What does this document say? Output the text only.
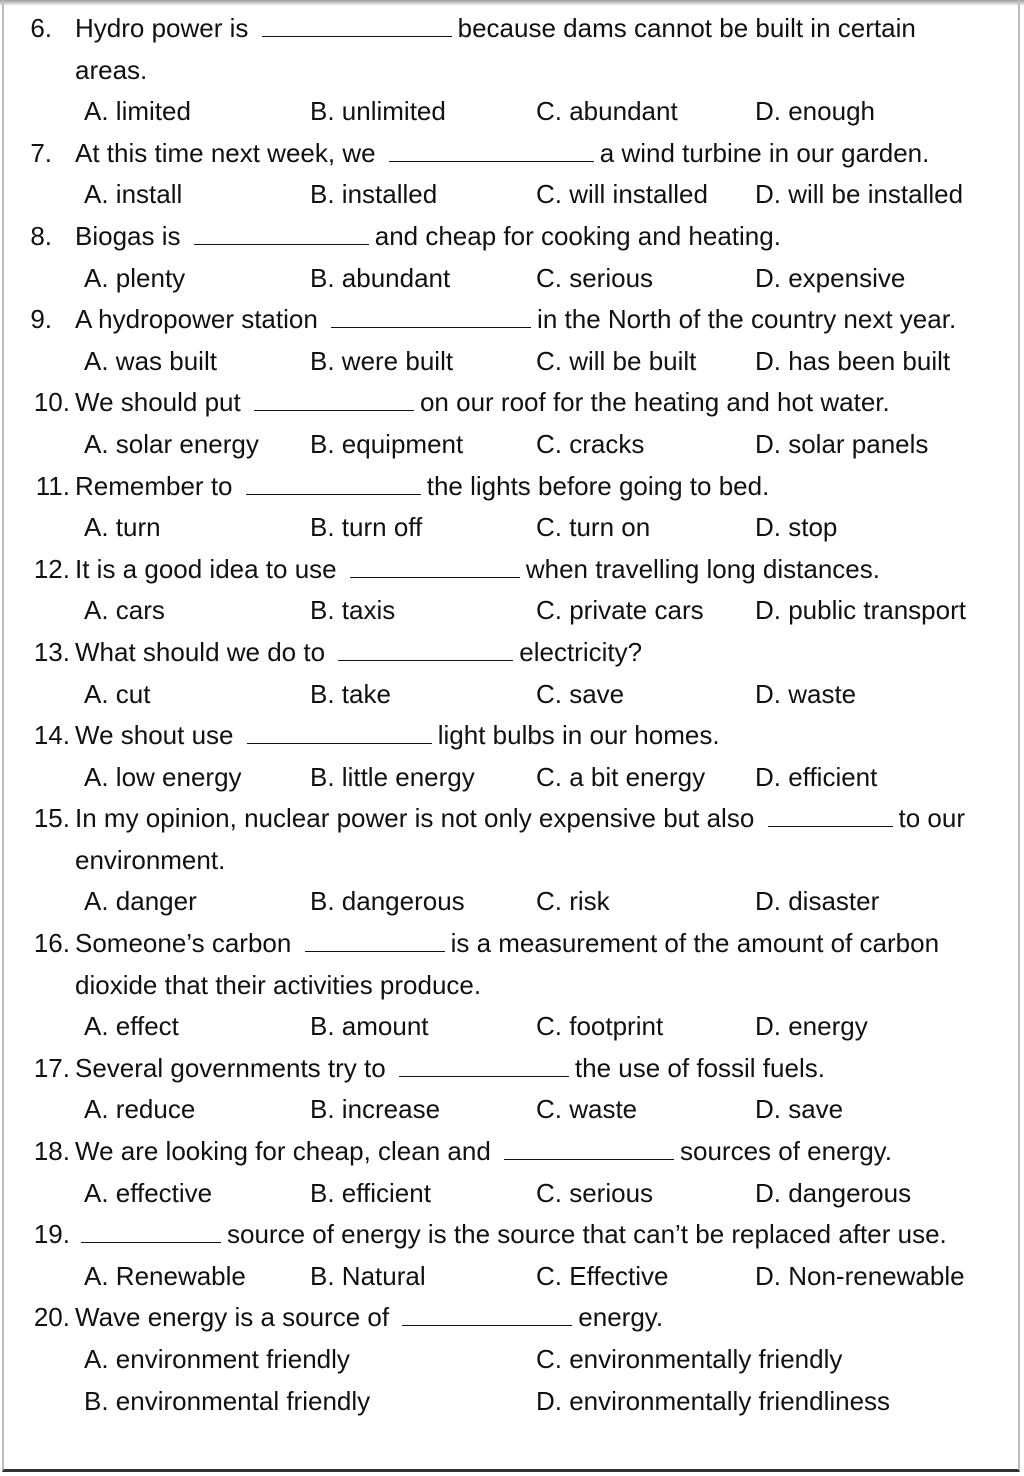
6. Hydro power is	because dams cannot be built in certain areas.
A. limited	B. unlimited	C. abundant	D. enough
7. At this time next week, we	a wind turbine in our garden.
A. install	B. installed	C. will installed D. will be installed
8. Biogas is	and cheap for cooking and heating.
A. plenty	B. abundant	C. serious	D. expensive
9. A hydropower station	in the North of the country next year.
A. was built	B. were built	C. will be built D. has been built
10. We should put	on our roof for the heating and hot water.
A. solar energy B. equipment	C. cracks	D. solar panels
11. Remember to	the lights before going to bed.
A. turn	B. turn off	C. turn on	D. stop
12. It is a good idea to use	when travelling long distances.
A. cars	B. taxis	C. private cars D. public transport
13. What should we do to	electricity?
A. cut	B. take	C. save	D. waste
14. We shout use	light bulbs in our homes.
A. low energy	B. little energy C. a bit energy D. efficient
15. In my opinion, nuclear power is not only expensive but also	to our environment.
A. danger	B. dangerous	C. risk	D. disaster
16. Someone’s carbon	is a measurement of the amount of carbon dioxide that their activities produce.
A. effect	B. amount	C. footprint	D. energy
17. Several governments try to	the use of fossil fuels.
A. reduce	B. increase	C. waste	D. save
18. We are looking for cheap, clean and	sources of energy.
A. effective	B. efficient	C. serious	D. dangerous
19.	source of energy is the source that can’t be replaced after use.
A. Renewable B. Natural	C. Effective	D. Non-renewable
20. Wave energy is a source of	energy.
A. environment friendly	C. environmentally friendly
B. environmental friendly	D. environmentally friendliness
